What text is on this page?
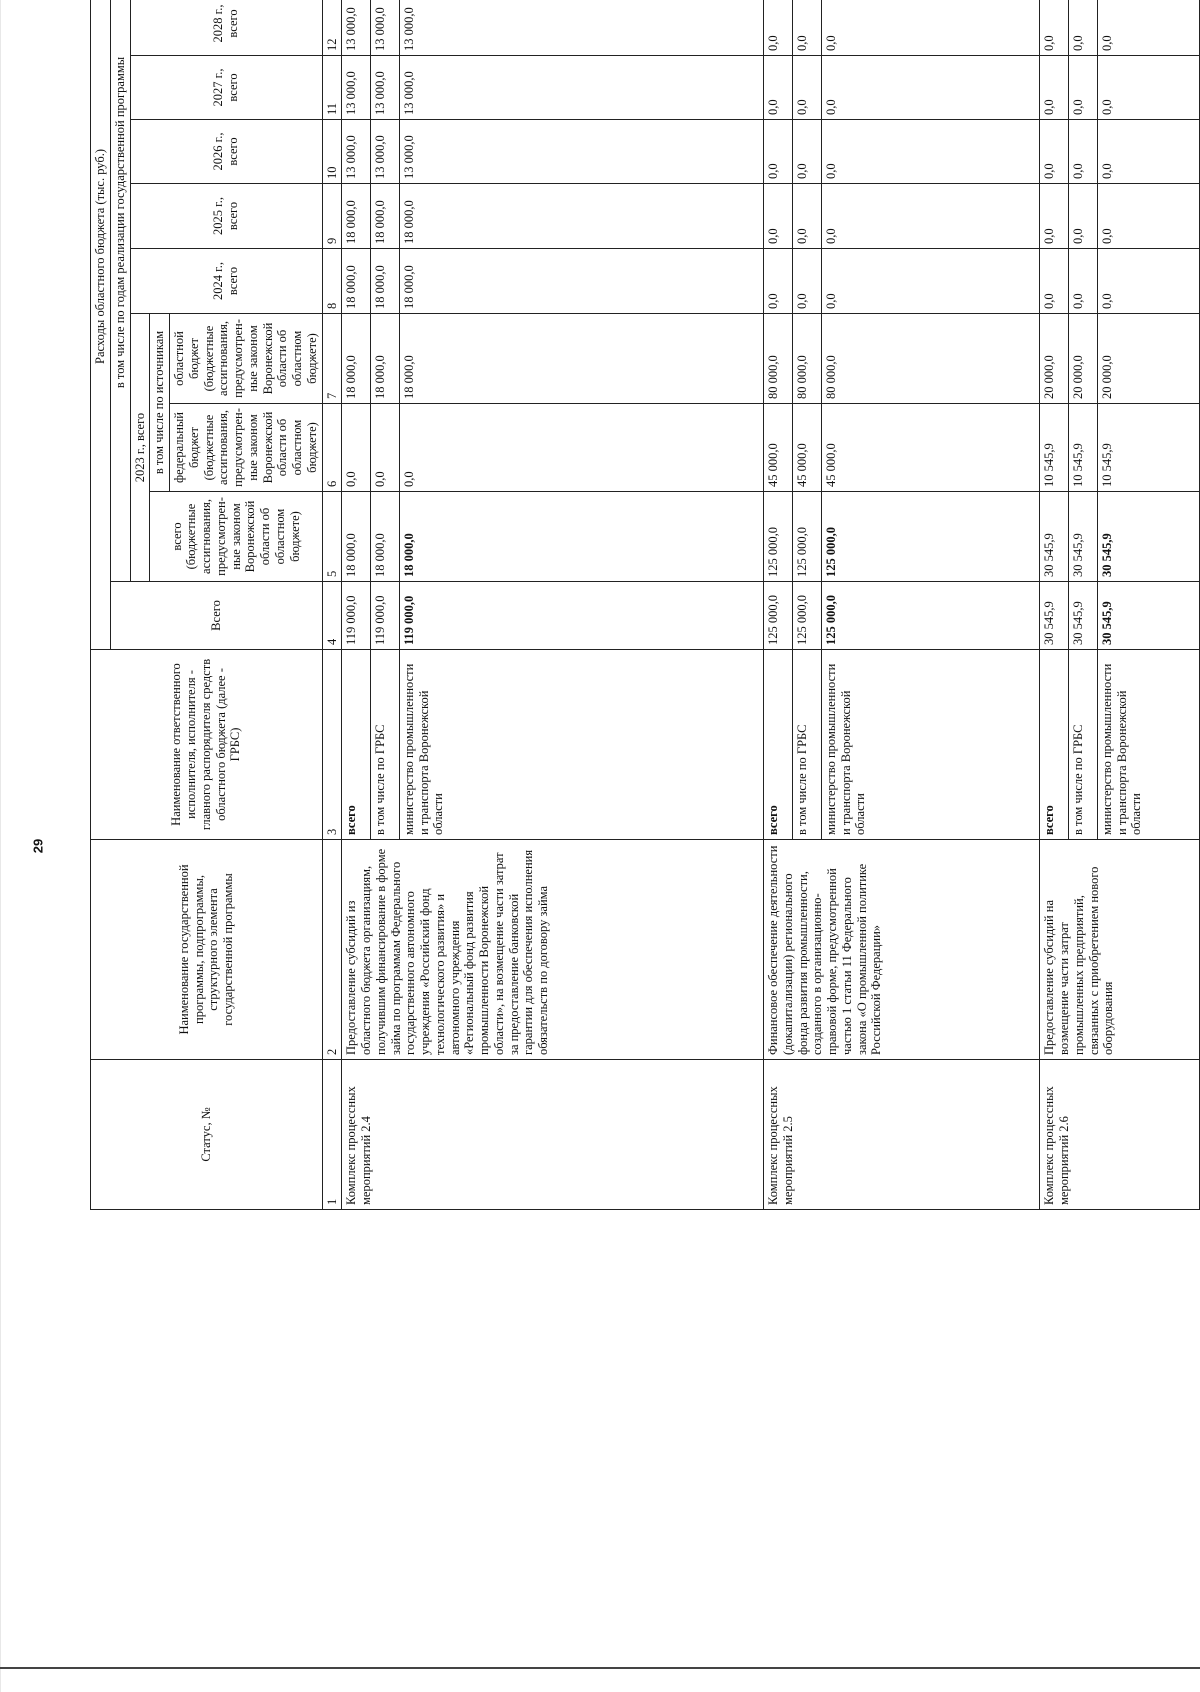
29
Статус, №	Наименование государственной программы, подпрограммы, структурного элемента государственной программы	Наименование ответственного исполнителя, исполнителя - главного распорядителя средств областного бюджета (далее - ГРБС)	Расходы областного бюджета (тыс. руб.)										
			Всего	в том числе по годам реализации государственной программы									
				2023 г., всего			2024 г., всего	2025 г., всего	2026 г., всего	2027 г., всего	2028 г., всего		
				всего (бюджетные ассигнования, предусмотрен-ные законом Воронежской области об областном бюджете)	в том числе по источникам								
					федеральный бюджет (бюджетные ассигнования, предусмотрен-ные законом Воронежской области об областном бюджете)	областной бюджет (бюджетные ассигнования, предусмотрен-ные законом Воронежской области об областном бюджете)							
1	2	3	4	5	6	7	8	9	10	11	12		
Комплекс процессных мероприятий 2.4	Предоставление субсидий из областного бюджета организациям, получившим финансирование в форме займа по программам Федерального государственного автономного учреждения «Российский фонд технологического развития» и автономного учреждения «Региональный фонд развития промышленности Воронежской области», на возмещение части затрат за предоставление банковской гарантии для обеспечения исполнения обязательств по договору займа	всего	119 000,0	18 000,0	0,0	18 000,0	18 000,0	18 000,0	13 000,0	13 000,0	13 000,0		
		в том числе по ГРБС	119 000,0	18 000,0	0,0	18 000,0	18 000,0	18 000,0	13 000,0	13 000,0	13 000,0		
		министерство промышленности и транспорта Воронежской области	119 000,0	18 000,0	0,0	18 000,0	18 000,0	18 000,0	13 000,0	13 000,0	13 000,0		
Комплекс процессных мероприятий 2.5	Финансовое обеспечение деятельности (докапитализации) регионального фонда развития промышленности, созданного в организационно-правовой форме, предусмотренной частью 1 статьи 11 Федерального закона «О промышленной политике Российской Федерации»	всего	125 000,0	125 000,0	45 000,0	80 000,0	0,0	0,0	0,0	0,0	0,0		
		в том числе по ГРБС	125 000,0	125 000,0	45 000,0	80 000,0	0,0	0,0	0,0	0,0	0,0		
		министерство промышленности и транспорта Воронежской области	125 000,0	125 000,0	45 000,0	80 000,0	0,0	0,0	0,0	0,0	0,0		
Комплекс процессных мероприятий 2.6	Предоставление субсидий на возмещение части затрат промышленных предприятий, связанных с приобретением нового оборудования	всего	30 545,9	30 545,9	10 545,9	20 000,0	0,0	0,0	0,0	0,0	0,0		
		в том числе по ГРБС	30 545,9	30 545,9	10 545,9	20 000,0	0,0	0,0	0,0	0,0	0,0		
		министерство промышленности и транспорта Воронежской области	30 545,9	30 545,9	10 545,9	20 000,0	0,0	0,0	0,0	0,0	0,0		
